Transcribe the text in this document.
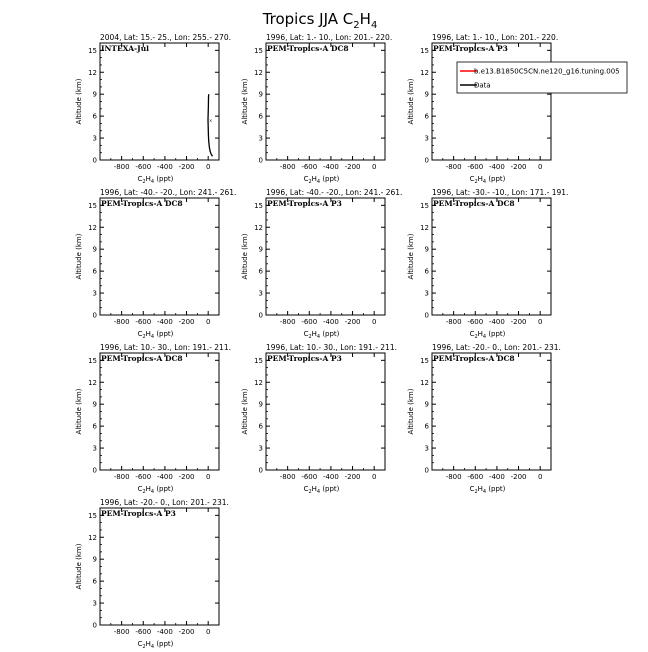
Tropics JJA $C_2H_4$
2004, Lat: 15.- 25., Lon: 255.- 270.
INTEXA-Jul
-800 -600 -400 -200 0
0
3
6
9
12
15
$C_2H_4$ (ppt)
Altitude (km)	×
1996, Lat: 1.- 10., Lon: 201.- 220.
PEM-Tropics-A DC8
-800 -600 -400 -200 0
0
3
6
9
12
15
$C_2H_4$ (ppt)
Altitude (km)
1996, Lat: 1.- 10., Lon: 201.- 220.
PEM-Tropics-A P3
-800 -600 -400 -200 0
0
3
6
9
12
15
$C_2H_4$ (ppt)
Altitude (km)
1996, Lat: -40.- -20., Lon: 241.- 261.
PEM-Tropics-A DC8
-800 -600 -400 -200 0
0
3
6
9
12
15
$C_2H_4$ (ppt)
Altitude (km)
1996, Lat: -40.- -20., Lon: 241.- 261.
PEM-Tropics-A P3
-800 -600 -400 -200 0
0
3
6
9
12
15
$C_2H_4$ (ppt)
Altitude (km)
1996, Lat: -30.- -10., Lon: 171.- 191.
PEM-Tropics-A DC8
-800 -600 -400 -200 0
0
3
6
9
12
15
$C_2H_4$ (ppt)
Altitude (km)
1996, Lat: 10.- 30., Lon: 191.- 211.
PEM-Tropics-A DC8
-800 -600 -400 -200 0
0
3
6
9
12
15
$C_2H_4$ (ppt)
Altitude (km)
1996, Lat: 10.- 30., Lon: 191.- 211.
PEM-Tropics-A P3
-800 -600 -400 -200 0
0
3
6
9
12
15
$C_2H_4$ (ppt)
Altitude (km)
1996, Lat: -20.- 0., Lon: 201.- 231.
PEM-Tropics-A DC8
-800 -600 -400 -200 0
0
3
6
9
12
15
$C_2H_4$ (ppt)
Altitude (km)
1996, Lat: -20.- 0., Lon: 201.- 231.
PEM-Tropics-A P3
-800 -600 -400 -200 0
0
3
6
9
12
15
$C_2H_4$ (ppt)
Altitude (km)
b.e13.B1850C5CN.ne120_g16.tuning.005
Data
